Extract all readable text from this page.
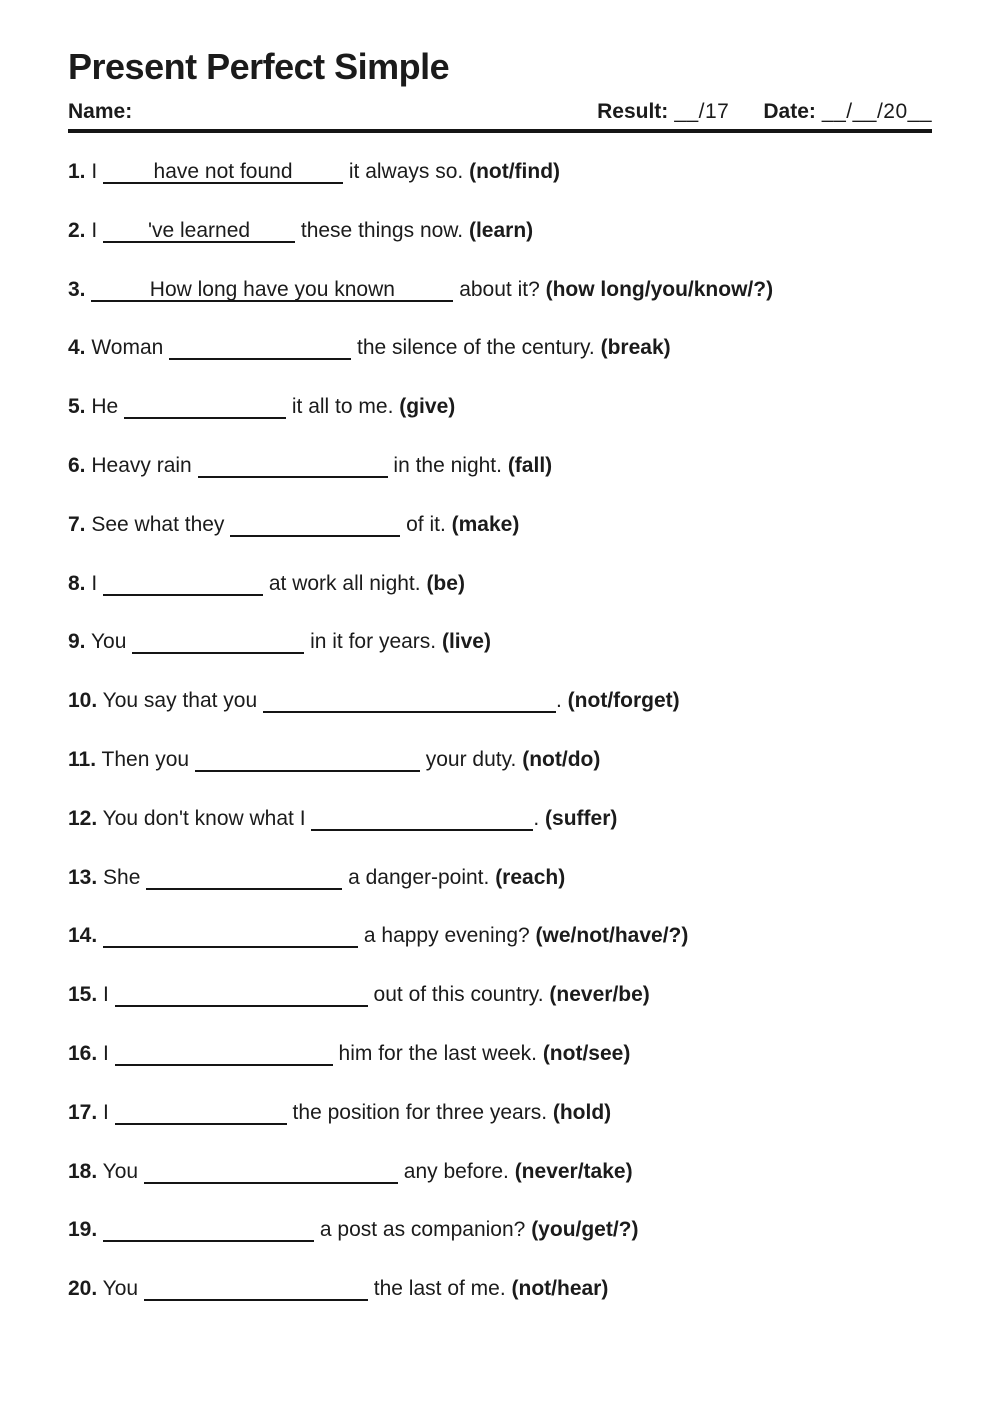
Present Perfect Simple
Name:	Result: __/17 Date: __/__/20__
1. I have not found it always so. (not/find)
2. I 've learned these things now. (learn)
3.	How long have you known	about it? (how long/you/know/?)
4. Woman	the silence of the century. (break)
5. He	it all to me. (give)
6. Heavy rain	in the night. (fall)
7. See what they	of it. (make)
8. I	at work all night. (be)
9. You	in it for years. (live)
10. You say that you	. (not/forget)
11. Then you	your duty. (not/do)
12. You don't know what I	. (suffer)
13. She	a danger-point. (reach)
14.	a happy evening? (we/not/have/?)
15. I	out of this country. (never/be)
16. I	him for the last week. (not/see)
17. I	the position for three years. (hold)
18. You	any before. (never/take)
19.	a post as companion? (you/get/?)
20. You	the last of me. (not/hear)
